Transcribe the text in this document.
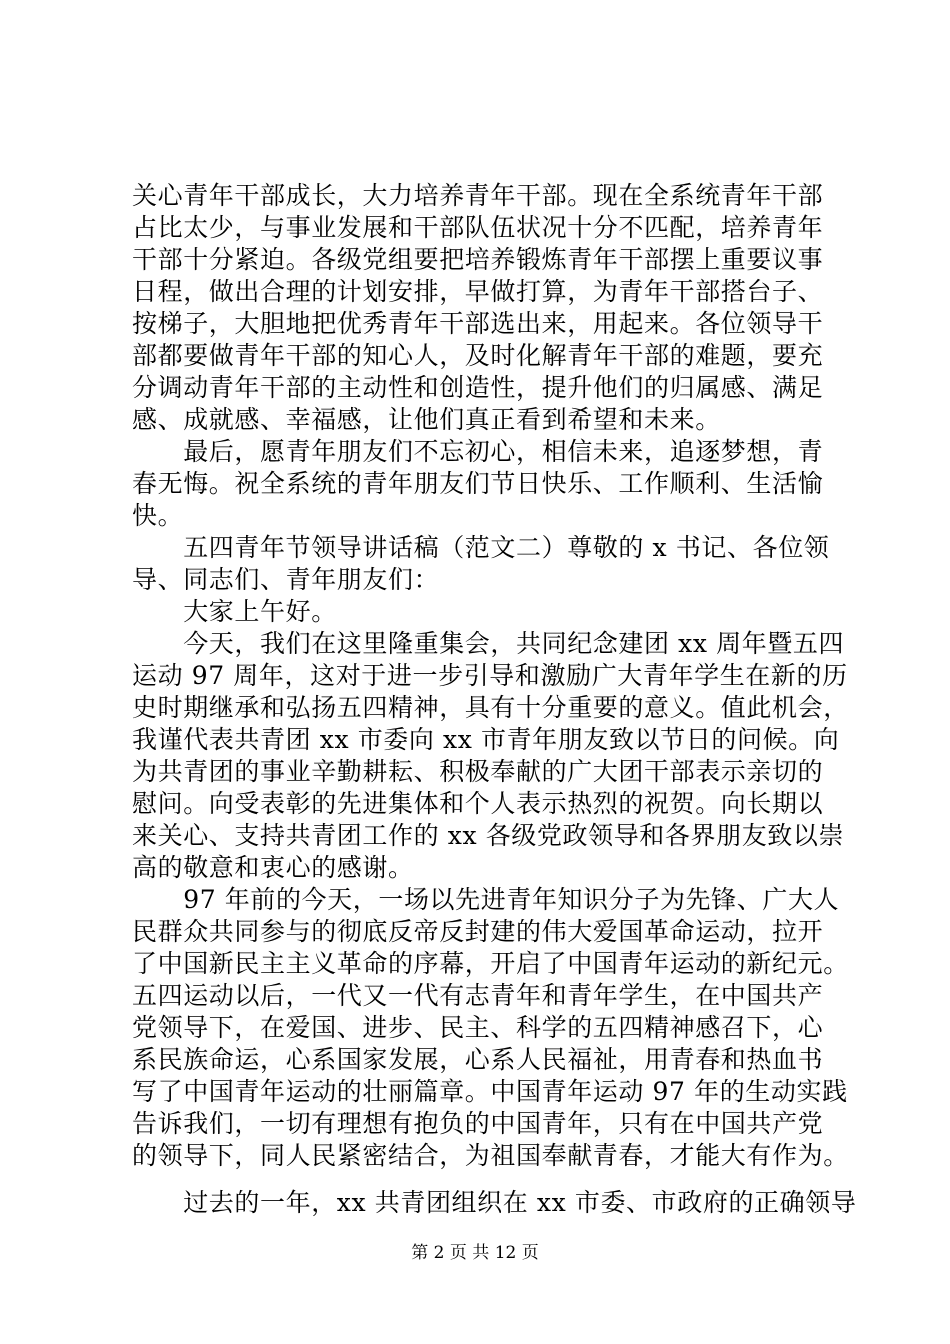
关心青年干部成长，大力培养青年干部。现在全系统青年干部
占比太少，与事业发展和干部队伍状况十分不匹配，培养青年
干部十分紧迫。各级党组要把培养锻炼青年干部摆上重要议事
日程，做出合理的计划安排，早做打算，为青年干部搭台子、
按梯子，大胆地把优秀青年干部选出来，用起来。各位领导干
部都要做青年干部的知心人，及时化解青年干部的难题，要充
分调动青年干部的主动性和创造性，提升他们的归属感、满足
感、成就感、幸福感，让他们真正看到希望和未来。
　　最后，愿青年朋友们不忘初心，相信未来，追逐梦想，青
春无悔。祝全系统的青年朋友们节日快乐、工作顺利、生活愉
快。
　　五四青年节领导讲话稿（范文二）尊敬的 x 书记、各位领
导、同志们、青年朋友们：
　　大家上午好。
　　今天，我们在这里隆重集会，共同纪念建团 xx 周年暨五四
运动 97 周年，这对于进一步引导和激励广大青年学生在新的历
史时期继承和弘扬五四精神，具有十分重要的意义。值此机会，
我谨代表共青团 xx 市委向 xx 市青年朋友致以节日的问候。向
为共青团的事业辛勤耕耘、积极奉献的广大团干部表示亲切的
慰问。向受表彰的先进集体和个人表示热烈的祝贺。向长期以
来关心、支持共青团工作的 xx 各级党政领导和各界朋友致以崇
高的敬意和衷心的感谢。
　　97 年前的今天，一场以先进青年知识分子为先锋、广大人
民群众共同参与的彻底反帝反封建的伟大爱国革命运动，拉开
了中国新民主主义革命的序幕，开启了中国青年运动的新纪元。
五四运动以后，一代又一代有志青年和青年学生，在中国共产
党领导下，在爱国、进步、民主、科学的五四精神感召下，心
系民族命运，心系国家发展，心系人民福祉，用青春和热血书
写了中国青年运动的壮丽篇章。中国青年运动 97 年的生动实践
告诉我们，一切有理想有抱负的中国青年，只有在中国共产党
的领导下，同人民紧密结合，为祖国奉献青春，才能大有作为。
　　过去的一年，xx 共青团组织在 xx 市委、市政府的正确领导
第 2 页 共 12 页
